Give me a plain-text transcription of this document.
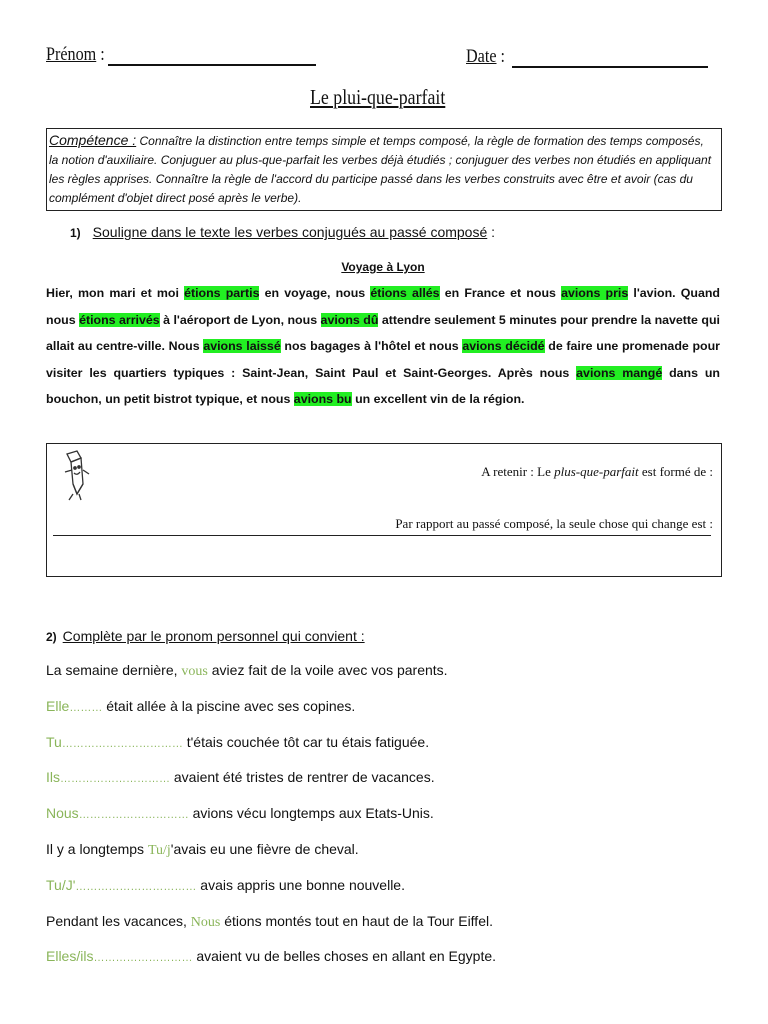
Prénom :	Date :
Le plui-que-parfait
Compétence : Connaître la distinction entre temps simple et temps composé, la règle de formation des temps composés, la notion d'auxiliaire. Conjuguer au plus-que-parfait les verbes déjà étudiés ; conjuguer des verbes non étudiés en appliquant les règles apprises. Connaître la règle de l'accord du participe passé dans les verbes construits avec être et avoir (cas du complément d'objet direct posé après le verbe).
1) Souligne dans le texte les verbes conjugués au passé composé :
Voyage à Lyon
Hier, mon mari et moi étions partis en voyage, nous étions allés en France et nous avions pris l'avion. Quand nous étions arrivés à l'aéroport de Lyon, nous avions dû attendre seulement 5 minutes pour prendre la navette qui allait au centre-ville. Nous avions laissé nos bagages à l'hôtel et nous avions décidé de faire une promenade pour visiter les quartiers typiques : Saint-Jean, Saint Paul et Saint-Georges. Après nous avions mangé dans un bouchon, un petit bistrot typique, et nous avions bu un excellent vin de la région.
A retenir : Le plus-que-parfait est formé de :
Par rapport au passé composé, la seule chose qui change est :
2) Complète par le pronom personnel qui convient :
La semaine dernière, vous aviez fait de la voile avec vos parents.
Elle……… était allée à la piscine avec ses copines.
Tu…………………………… t'étais couchée tôt car tu étais fatiguée.
Ils………………………… avaient été tristes de rentrer de vacances.
Nous………………………… avions vécu longtemps aux Etats-Unis.
Il y a longtemps Tu/j'avais eu une fièvre de cheval.
Tu/J'…………………………… avais appris une bonne nouvelle.
Pendant les vacances, Nous étions montés tout en haut de la Tour Eiffel.
Elles/ils……………………… avaient vu de belles choses en allant en Egypte.
